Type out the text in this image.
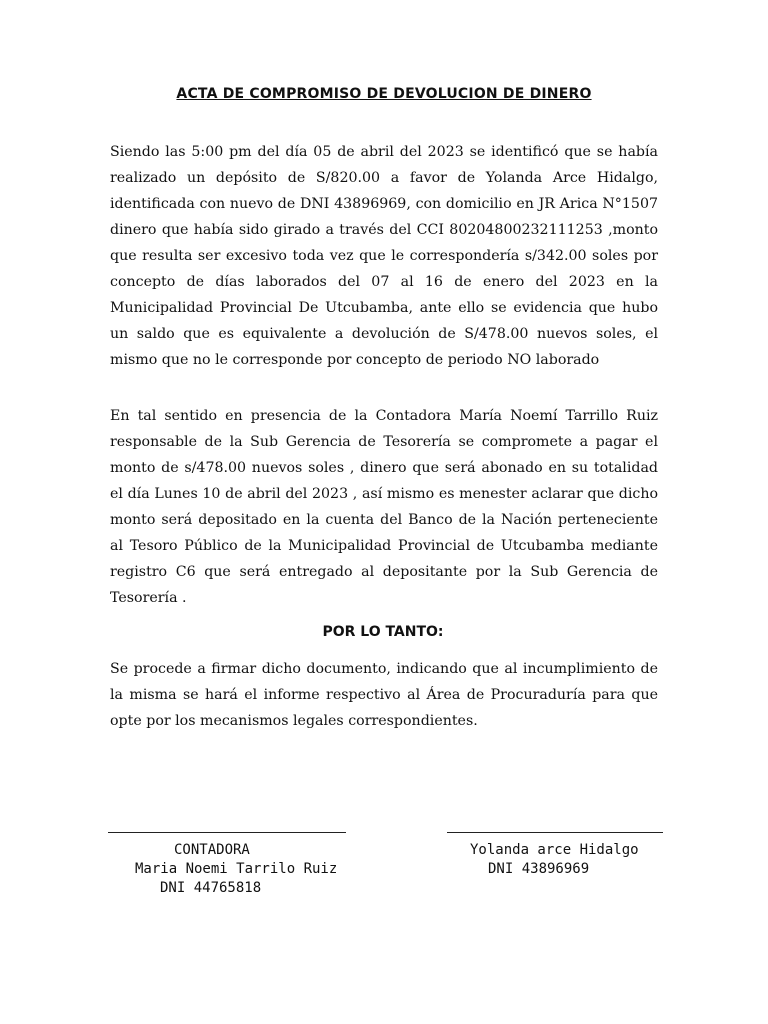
ACTA DE COMPROMISO DE DEVOLUCION DE DINERO

Siendo las 5:00 pm del día 05 de abril del 2023 se identificó que se había realizado un depósito de S/820.00 a favor de Yolanda Arce Hidalgo, identificada con nuevo de DNI 43896969, con domicilio en JR Arica N°1507 dinero que había sido girado a través del CCI 80204800232111253 ,monto que resulta ser excesivo toda vez que le correspondería s/342.00 soles por concepto de días laborados del 07 al 16 de enero del 2023 en la Municipalidad Provincial De Utcubamba, ante ello se evidencia que hubo un saldo que es equivalente a devolución de S/478.00 nuevos soles, el mismo que no le corresponde por concepto de periodo NO laborado

En tal sentido en presencia de la Contadora María Noemí Tarrillo Ruiz responsable de la Sub Gerencia de Tesorería se compromete a pagar el monto de s/478.00 nuevos soles , dinero que será abonado en su totalidad el día Lunes 10 de abril del 2023 , así mismo es menester aclarar que dicho monto será depositado en la cuenta del Banco de la Nación perteneciente al Tesoro Público de la Municipalidad Provincial de Utcubamba mediante registro C6 que será entregado al depositante por la Sub Gerencia de Tesorería .

POR LO TANTO:

Se procede a firmar dicho documento, indicando que al incumplimiento de la misma se hará el informe respectivo al Área de Procuraduría para que opte por los mecanismos legales correspondientes.

CONTADORA
Maria Noemi Tarrilo Ruiz
DNI 44765818
Yolanda arce Hidalgo
DNI 43896969
